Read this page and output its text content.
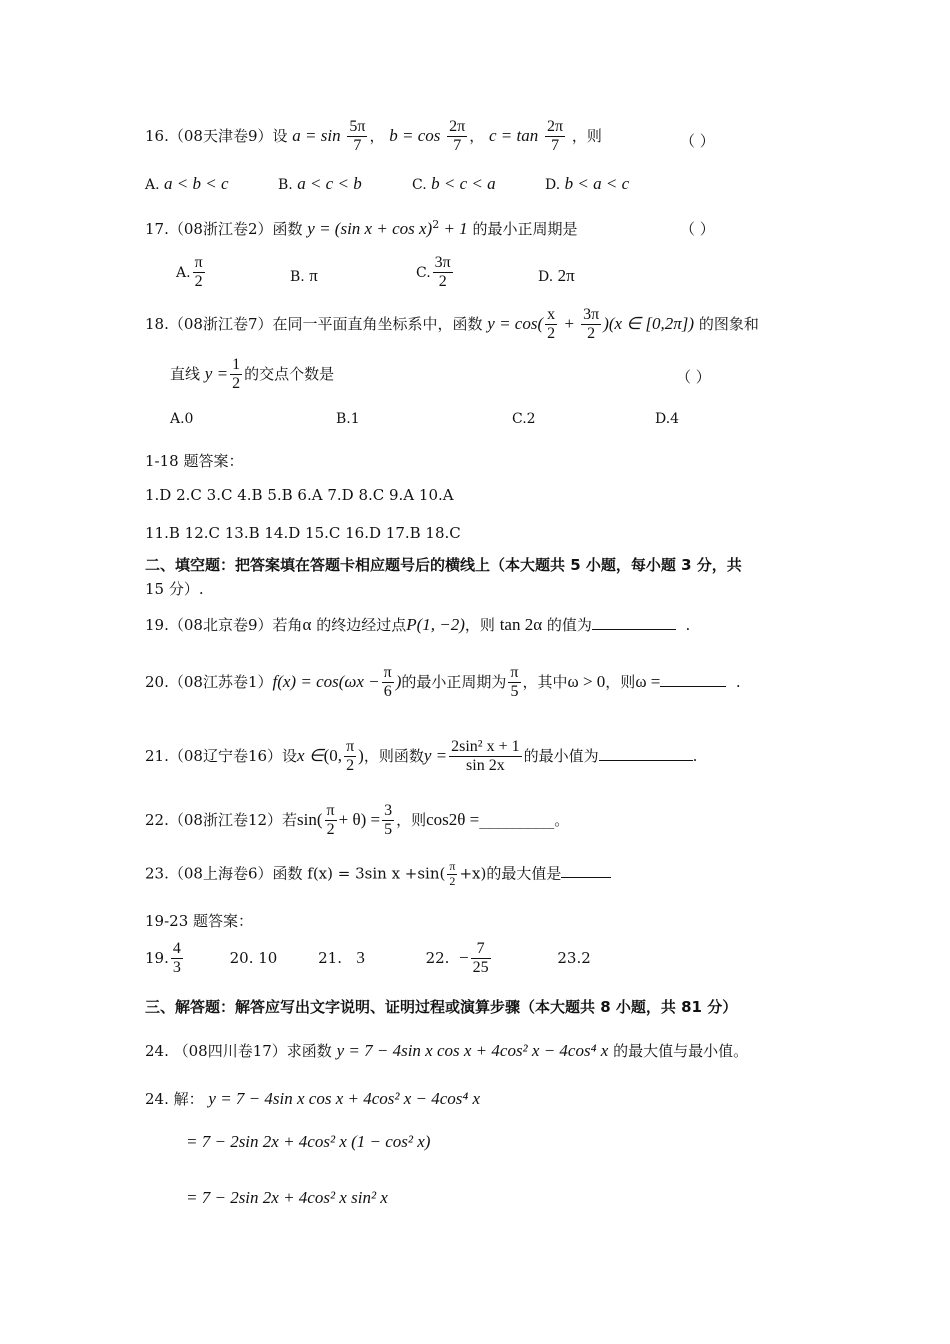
16.（08天津卷9）设 $a = \sin \frac{5\pi}{7}$ ， $b = \cos \frac{2\pi}{7}$ ， $c = \tan \frac{2\pi}{7}$ ，则	（ ）
A. a < b < c	B. a < c < b	C. b < c < a	D. b < a < c
17.（08浙江卷2）函数 y = (sin x + cos x)$^2$ + 1 的最小正周期是	（ ）
A. $\frac{\pi}{2}$	B. π	C. $\frac{3\pi}{2}$	D. 2π
18.（08浙江卷7）在同一平面直角坐标系中，函数 $y = \cos( \frac{x}{2} + \frac{3\pi}{2} )(x$ ∈ [0,2π]) 的图象和
直线 $y = \frac{1}{2}$ 的交点个数是	（ ）
A.0	B.1	C.2	D.4
1-18 题答案：
1.D 2.C 3.C 4.B 5.B 6.A 7.D 8.C 9.A 10.A
11.B 12.C 13.B 14.D 15.C 16.D 17.B 18.C
二、填空题：把答案填在答题卡相应题号后的横线上（本大题共 5 小题，每小题 3 分，共
15 分）.
19.（08北京卷9）若角α 的终边经过点P(1, −2)，则 tan 2α 的值为	.
20.（08江苏卷$1)f(x) = \cos(\omega x - \frac{\pi}{6}$ )的最小正周期为 $\frac{\pi}{5}$ ，其中ω > 0，则ω =	.
21.（08辽宁卷16）设x ∈(0, $\frac{\pi}{2}$ )，则函数$y = \frac{\text{2sin² x + 1}}{\sin 2x}$ 的最小值为	.
22.（08浙江卷12）若$\sin( \frac{\pi}{2} + \theta) = \frac{3}{5}$ ，则cos2θ =__________。
23.（08上海卷6）函数 f(x) = 3sin $x +\sin( \frac{\pi}{2} +x)$的最大值是
19-23 题答案：
19. $\frac{4}{3}$	20. 10	21. 3	22. − $\frac{7}{25}$	23.2
三、解答题：解答应写出文字说明、证明过程或演算步骤（本大题共 8 小题，共 81 分）
24. （08四川卷17）求函数 y = 7 − 4sin x cos x + 4cos² x − 4cos⁴ x 的最大值与最小值。
24. 解： y = 7 − 4sin x cos x + 4cos² x − 4cos⁴ x
= 7 − 2sin 2x + 4cos² x (1 − cos² x)
= 7 − 2sin 2x + 4cos² x sin² x
